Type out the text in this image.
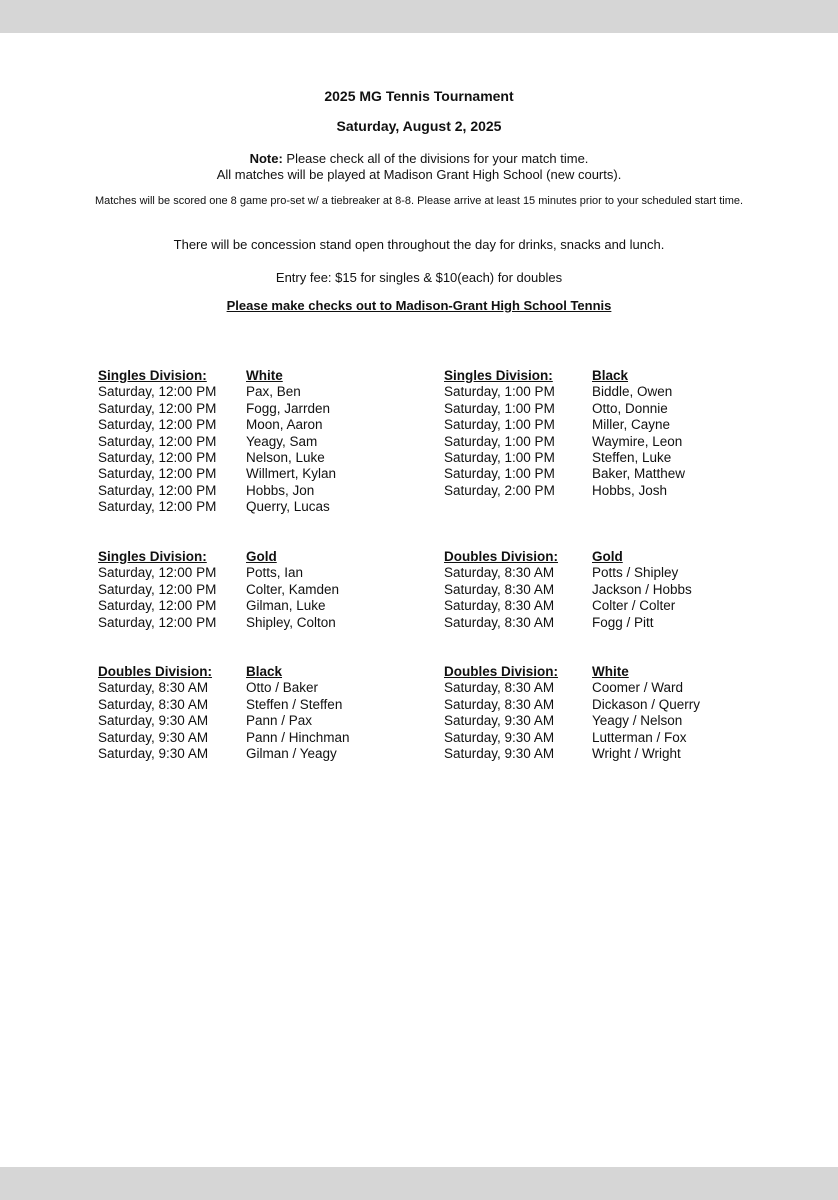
2025 MG Tennis Tournament
Saturday, August 2, 2025
Note: Please check all of the divisions for your match time.
All matches will be played at Madison Grant High School (new courts).
Matches will be scored one 8 game pro-set w/ a tiebreaker at 8-8. Please arrive at least 15 minutes prior to your scheduled start time.
There will be concession stand open throughout the day for drinks, snacks and lunch.
Entry fee: $15 for singles & $10(each) for doubles
Please make checks out to Madison-Grant High School Tennis
Singles Division:	White
Saturday, 12:00 PM Pax, Ben
Saturday, 12:00 PM Fogg, Jarrden
Saturday, 12:00 PM Moon, Aaron
Saturday, 12:00 PM Yeagy, Sam
Saturday, 12:00 PM Nelson, Luke
Saturday, 12:00 PM Willmert, Kylan
Saturday, 12:00 PM Hobbs, Jon
Saturday, 12:00 PM Querry, Lucas
Singles Division:	Black
Saturday, 1:00 PM	Biddle, Owen
Saturday, 1:00 PM	Otto, Donnie
Saturday, 1:00 PM	Miller, Cayne
Saturday, 1:00 PM	Waymire, Leon
Saturday, 1:00 PM	Steffen, Luke
Saturday, 1:00 PM	Baker, Matthew
Saturday, 2:00 PM	Hobbs, Josh
Singles Division:	Gold
Saturday, 12:00 PM Potts, Ian
Saturday, 12:00 PM Colter, Kamden
Saturday, 12:00 PM Gilman, Luke
Saturday, 12:00 PM Shipley, Colton
Doubles Division:	Gold
Saturday, 8:30 AM	Potts / Shipley
Saturday, 8:30 AM	Jackson / Hobbs
Saturday, 8:30 AM	Colter / Colter
Saturday, 8:30 AM	Fogg / Pitt
Doubles Division:	Black
Saturday, 8:30 AM	Otto / Baker
Saturday, 8:30 AM	Steffen / Steffen
Saturday, 9:30 AM	Pann / Pax
Saturday, 9:30 AM	Pann / Hinchman
Saturday, 9:30 AM	Gilman / Yeagy
Doubles Division:	White
Saturday, 8:30 AM	Coomer / Ward
Saturday, 8:30 AM	Dickason / Querry
Saturday, 9:30 AM	Yeagy / Nelson
Saturday, 9:30 AM	Lutterman / Fox
Saturday, 9:30 AM	Wright / Wright
